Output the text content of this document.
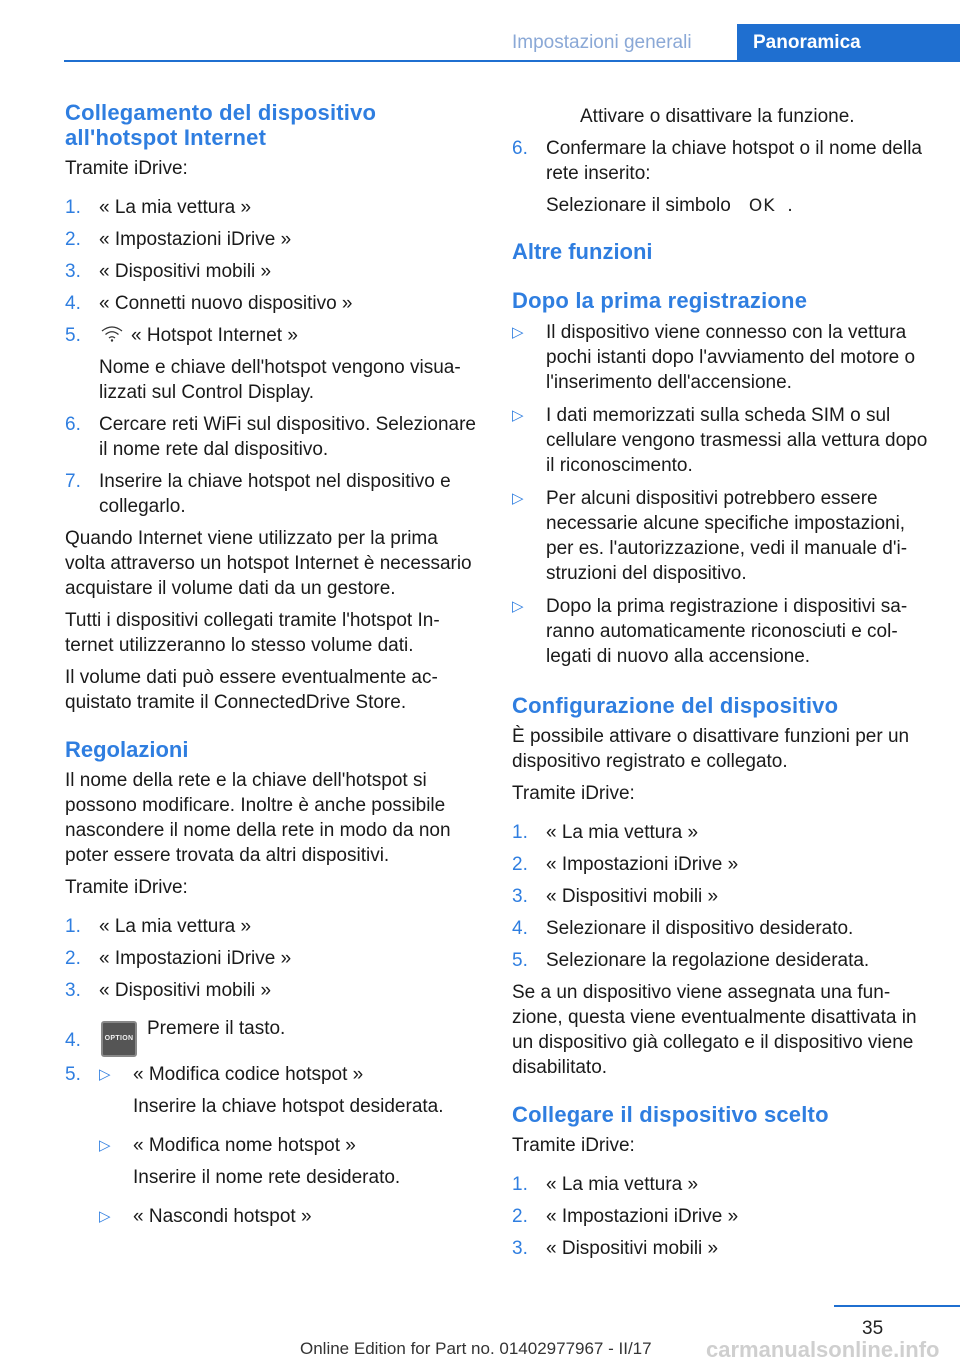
Impostazioni generali	Panoramica
Collegamento del dispositivo all'hotspot Internet

Tramite iDrive:

1. « La mia vettura »
2. « Impostazioni iDrive »
3. « Dispositivi mobili »
4. « Connetti nuovo dispositivo »
5.	« Hotspot Internet »

Nome e chiave dell'hotspot vengono visualizzati sul Control Display.

6. Cercare reti WiFi sul dispositivo. Selezionare il nome rete dal dispositivo.
7. Inserire la chiave hotspot nel dispositivo e collegarlo.

Quando Internet viene utilizzato per la prima volta attraverso un hotspot Internet è necessario acquistare il volume dati da un gestore.

Tutti i dispositivi collegati tramite l'hotspot Internet utilizzeranno lo stesso volume dati.

Il volume dati può essere eventualmente acquistato tramite il ConnectedDrive Store.

Regolazioni

Il nome della rete e la chiave dell'hotspot si possono modificare. Inoltre è anche possibile nascondere il nome della rete in modo da non poter essere trovata da altri dispositivi.

Tramite iDrive:

1. « La mia vettura »
2. « Impostazioni iDrive »
3. « Dispositivi mobili »
4.	OPTION Premere il tasto.
5. ▷ « Modifica codice hotspot »

Inserire la chiave hotspot desiderata.

▷ « Modifica nome hotspot »

Inserire il nome rete desiderato.

▷ « Nascondi hotspot »

Attivare o disattivare la funzione.

6. Confermare la chiave hotspot o il nome della rete inserito:

Selezionare il simbolo OK .

Altre funzioni
Dopo la prima registrazione
▷ Il dispositivo viene connesso con la vettura pochi istanti dopo l'avviamento del motore o l'inserimento dell'accensione.
▷ I dati memorizzati sulla scheda SIM o sul cellulare vengono trasmessi alla vettura dopo il riconoscimento.
▷ Per alcuni dispositivi potrebbero essere necessarie alcune specifiche impostazioni, per es. l'autorizzazione, vedi il manuale d'istruzioni del dispositivo.
▷ Dopo la prima registrazione i dispositivi saranno automaticamente riconosciuti e collegati di nuovo alla accensione.
Configurazione del dispositivo

È possibile attivare o disattivare funzioni per un dispositivo registrato e collegato.

Tramite iDrive:

1. « La mia vettura »
2. « Impostazioni iDrive »
3. « Dispositivi mobili »
4. Selezionare il dispositivo desiderato.
5. Selezionare la regolazione desiderata.

Se a un dispositivo viene assegnata una funzione, questa viene eventualmente disattivata in un dispositivo già collegato e il dispositivo viene disabilitato.

Collegare il dispositivo scelto

Tramite iDrive:

1. « La mia vettura »
2. « Impostazioni iDrive »
3. « Dispositivi mobili »
35
Online Edition for Part no. 01402977967 - II/17 carmanualsonline.info
